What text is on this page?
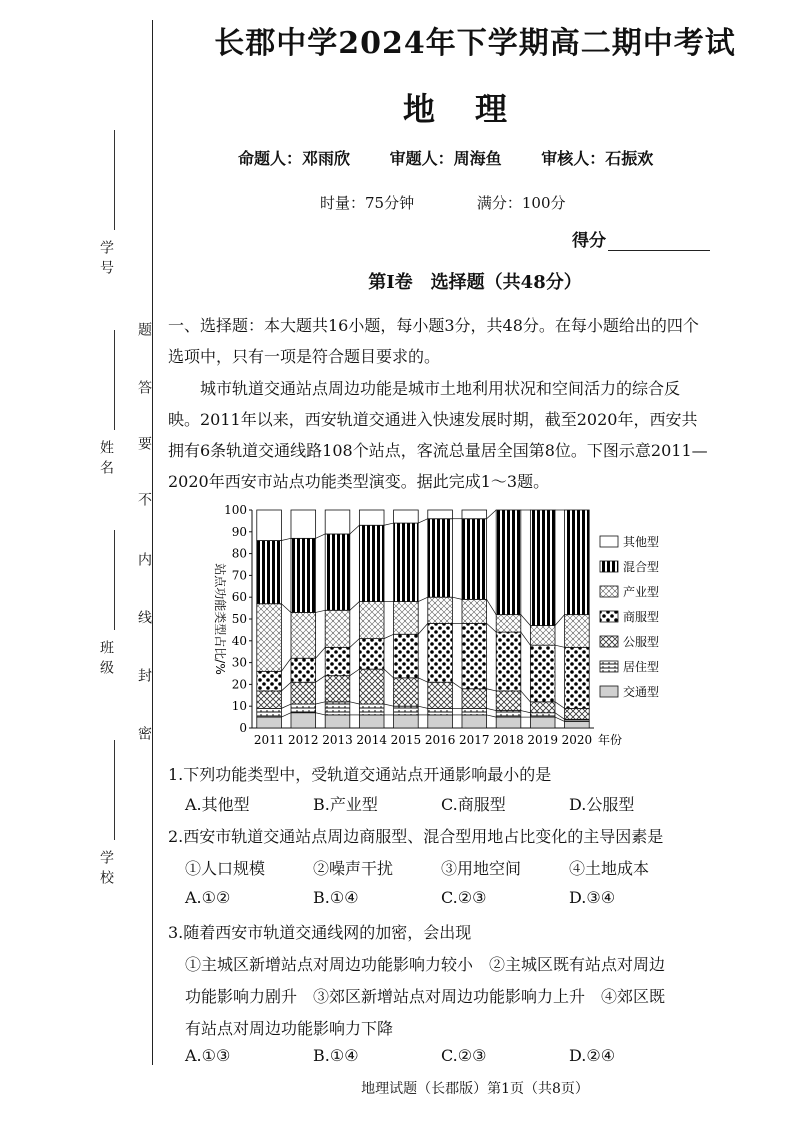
学号
姓名
班级
学校
题
答
要
不
内
线
封
密
长郡中学2024年下学期高二期中考试
地理
命题人：邓雨欣 审题人：周海鱼 审核人：石振欢
时量：75分钟	满分：100分
得分
第Ⅰ卷　选择题（共48分）
一、选择题：本大题共16小题，每小题3分，共48分。在每小题给出的四个选项中，只有一项是符合题目要求的。
城市轨道交通站点周边功能是城市土地利用状况和空间活力的综合反映。2011年以来，西安轨道交通进入快速发展时期，截至2020年，西安共拥有6条轨道交通线路108个站点，客流总量居全国第8位。下图示意2011—2020年西安市站点功能类型演变。据此完成1～3题。
0
10
20
30
40
50
60
70
80
90
100
站点功能类型占比/%
2011 2012 2013 2014 2015 2016 2017 2018 2019 2020 年份
其他型
混合型
产业型
商服型
公服型
居住型
交通型
1.下列功能类型中，受轨道交通站点开通影响最小的是
A.其他型	B.产业型	C.商服型	D.公服型
2.西安市轨道交通站点周边商服型、混合型用地占比变化的主导因素是
①人口规模	②噪声干扰	③用地空间	④土地成本
A.①②	B.①④	C.②③	D.③④
3.随着西安市轨道交通线网的加密，会出现
①主城区新增站点对周边功能影响力较小　②主城区既有站点对周边
功能影响力剧升　③郊区新增站点对周边功能影响力上升　④郊区既
有站点对周边功能影响力下降
A.①③	B.①④	C.②③	D.②④
地理试题（长郡版）第1页（共8页）
